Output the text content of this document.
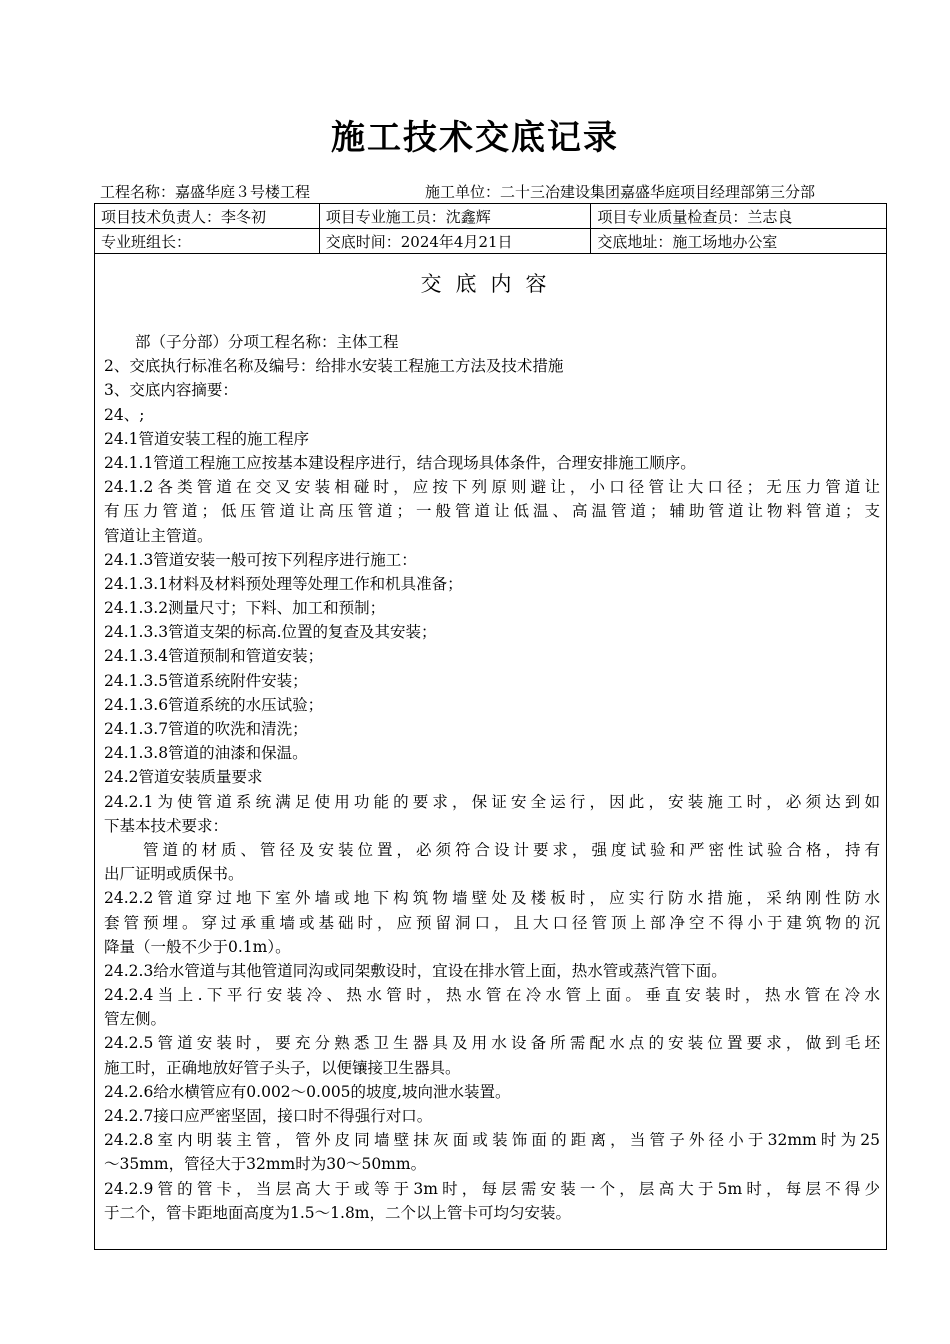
施工技术交底记录
工程名称：嘉盛华庭３号楼工程	施工单位：二十三冶建设集团嘉盛华庭项目经理部第三分部
项目技术负责人：李冬初	项目专业施工员：沈鑫辉	项目专业质量检查员：兰志良
专业班组长：	交底时间：2024年4月21日	交底地址：施工场地办公室
交底内容
　　部（子分部）分项工程名称：主体工程
2、交底执行标准名称及编号：给排水安装工程施工方法及技术措施
3、交底内容摘要：
24、;
24.1管道安装工程的施工程序
24.1.1管道工程施工应按基本建设程序进行，结合现场具体条件，合理安排施工顺序。
24.1.2各类管道在交叉安装相碰时，应按下列原则避让，小口径管让大口径；无压力管道让
有压力管道；低压管道让高压管道；一般管道让低温、高温管道；辅助管道让物料管道；支
管道让主管道。
24.1.3管道安装一般可按下列程序进行施工：
24.1.3.1材料及材料预处理等处理工作和机具准备；
24.1.3.2测量尺寸；下料、加工和预制；
24.1.3.3管道支架的标高.位置的复查及其安装；
24.1.3.4管道预制和管道安装；
24.1.3.5管道系统附件安装；
24.1.3.6管道系统的水压试验；
24.1.3.7管道的吹洗和清洗；
24.1.3.8管道的油漆和保温。
24.2管道安装质量要求
24.2.1为使管道系统满足使用功能的要求，保证安全运行，因此，安装施工时，必须达到如
下基本技术要求：
　　管道的材质、管径及安装位置，必须符合设计要求，强度试验和严密性试验合格，持有
出厂证明或质保书。
24.2.2管道穿过地下室外墙或地下构筑物墙壁处及楼板时，应实行防水措施，采纳刚性防水
套管预埋。穿过承重墙或基础时，应预留洞口，且大口径管顶上部净空不得小于建筑物的沉
降量（一般不少于0.1m）。
24.2.3给水管道与其他管道同沟或同架敷设时，宜设在排水管上面，热水管或蒸汽管下面。
24.2.4当上.下平行安装冷、热水管时，热水管在冷水管上面。垂直安装时，热水管在冷水
管左侧。
24.2.5管道安装时，要充分熟悉卫生器具及用水设备所需配水点的安装位置要求，做到毛坯
施工时，正确地放好管子头子，以便镶接卫生器具。
24.2.6给水横管应有0.002～0.005的坡度,坡向泄水装置。
24.2.7接口应严密坚固，接口时不得强行对口。
24.2.8室内明装主管，管外皮同墙壁抹灰面或装饰面的距离，当管子外径小于32mm时为25
～35mm，管径大于32mm时为30～50mm。
24.2.9管的管卡，当层高大于或等于3m时，每层需安装一个，层高大于5m时，每层不得少
于二个，管卡距地面高度为1.5～1.8m，二个以上管卡可均匀安装。
